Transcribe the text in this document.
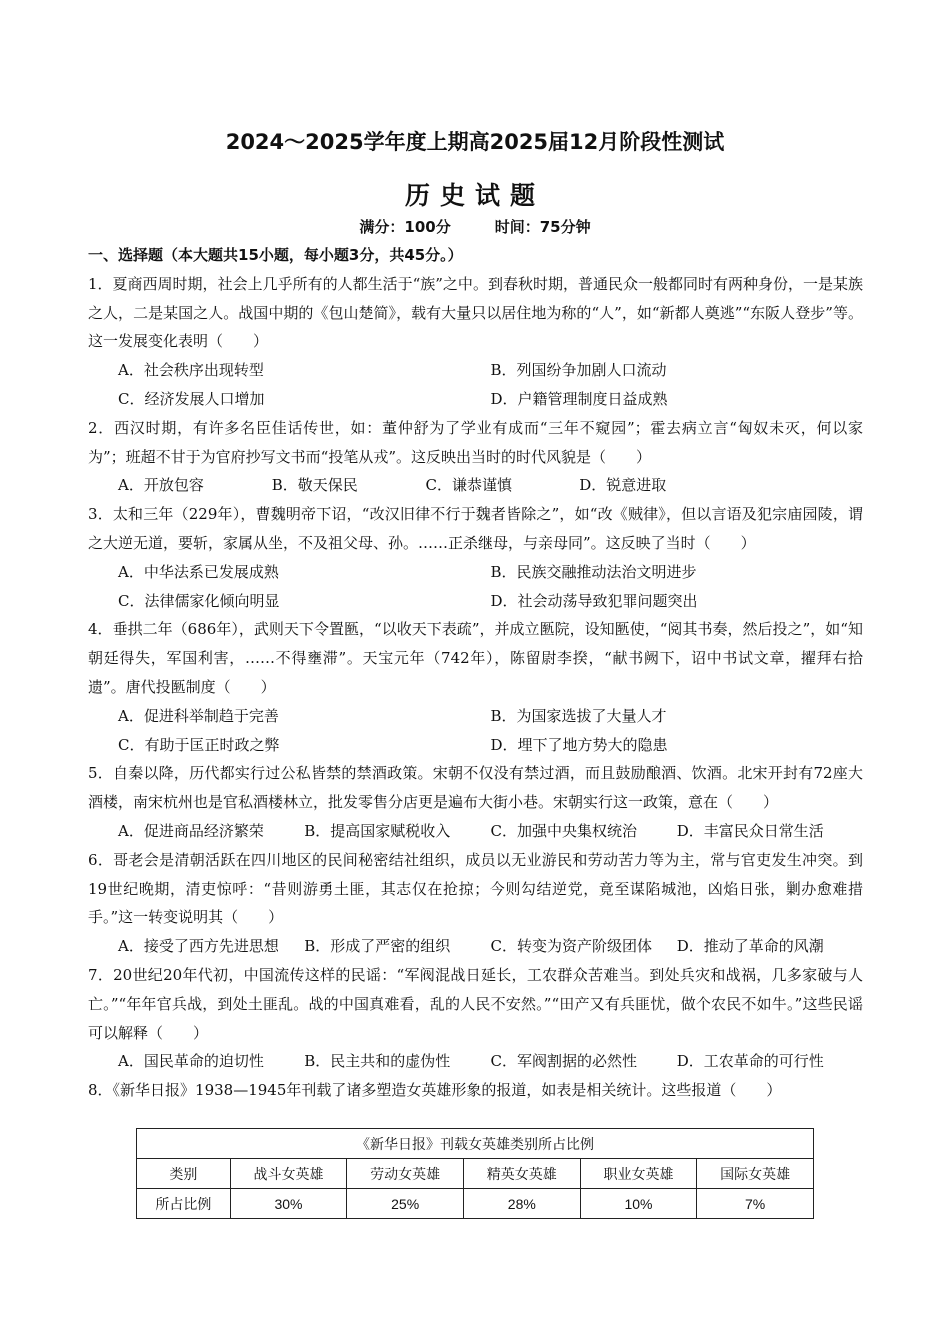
2024～2025学年度上期高2025届12月阶段性测试
历史试题
满分：100分	时间：75分钟
一、选择题（本大题共15小题，每小题3分，共45分。）
1．夏商西周时期，社会上几乎所有的人都生活于“族”之中。到春秋时期，普通民众一般都同时有两种身份，一是某族之人，二是某国之人。战国中期的《包山楚简》，载有大量只以居住地为称的“人”，如“新都人奠逃”“东阪人登步”等。这一发展变化表明（　　）
A．社会秩序出现转型	B．列国纷争加剧人口流动
C．经济发展人口增加	D．户籍管理制度日益成熟
2．西汉时期，有许多名臣佳话传世，如：董仲舒为了学业有成而“三年不窥园”；霍去病立言“匈奴未灭，何以家为”；班超不甘于为官府抄写文书而“投笔从戎”。这反映出当时的时代风貌是（　　）
A．开放包容	B．敬天保民	C．谦恭谨慎	D．锐意进取
3．太和三年（229年），曹魏明帝下诏，“改汉旧律不行于魏者皆除之”，如“改《贼律》，但以言语及犯宗庙园陵，谓之大逆无道，要斩，家属从坐，不及祖父母、孙。……正杀继母，与亲母同”。这反映了当时（　　）
A．中华法系已发展成熟	B．民族交融推动法治文明进步
C．法律儒家化倾向明显	D．社会动荡导致犯罪问题突出
4．垂拱二年（686年），武则天下令置匦，“以收天下表疏”，并成立匦院，设知匦使，“阅其书奏，然后投之”，如“知朝廷得失，军国利害，……不得壅滞”。天宝元年（742年），陈留尉李揆，“献书阙下，诏中书试文章，擢拜右拾遗”。唐代投匦制度（　　）
A．促进科举制趋于完善	B．为国家选拔了大量人才
C．有助于匡正时政之弊	D．埋下了地方势大的隐患
5．自秦以降，历代都实行过公私皆禁的禁酒政策。宋朝不仅没有禁过酒，而且鼓励酿酒、饮酒。北宋开封有72座大酒楼，南宋杭州也是官私酒楼林立，批发零售分店更是遍布大街小巷。宋朝实行这一政策，意在（　　）
A．促进商品经济繁荣	B．提高国家赋税收入	C．加强中央集权统治	D．丰富民众日常生活
6．哥老会是清朝活跃在四川地区的民间秘密结社组织，成员以无业游民和劳动苦力等为主，常与官吏发生冲突。到19世纪晚期，清吏惊呼：“昔则游勇土匪，其志仅在抢掠；今则勾结逆党，竟至谋陷城池，凶焰日张，剿办愈难措手。”这一转变说明其（　　）
A．接受了西方先进思想	B．形成了严密的组织	C．转变为资产阶级团体	D．推动了革命的风潮
7．20世纪20年代初，中国流传这样的民谣：“军阀混战日延长，工农群众苦难当。到处兵灾和战祸，几多家破与人亡。”“年年官兵战，到处土匪乱。战的中国真难看，乱的人民不安然。”“田产又有兵匪忧，做个农民不如牛。”这些民谣可以解释（　　）
A．国民革命的迫切性	B．民主共和的虚伪性	C．军阀割据的必然性	D．工农革命的可行性
8．《新华日报》1938—1945年刊载了诸多塑造女英雄形象的报道，如表是相关统计。这些报道（　　）
《新华日报》刊载女英雄类别所占比例					
类别	战斗女英雄	劳动女英雄	精英女英雄	职业女英雄	国际女英雄
所占比例	30%	25%	28%	10%	7%
